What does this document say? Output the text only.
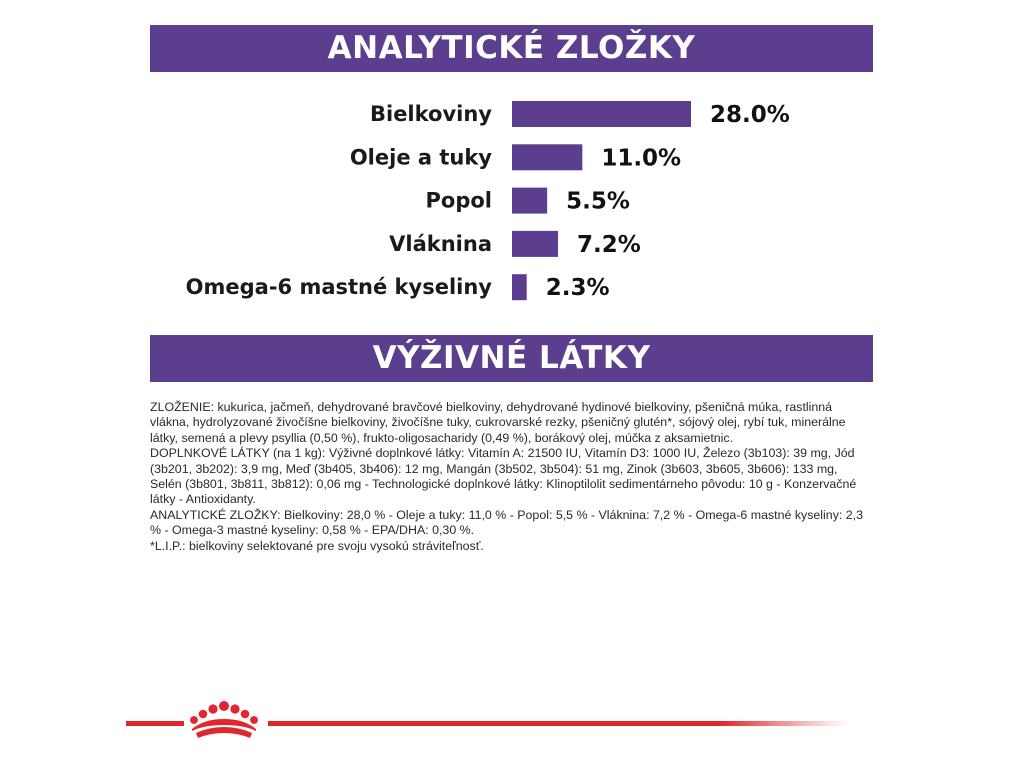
ANALYTICKÉ ZLOŽKY
Bielkoviny	28.0%
Oleje a tuky	11.0%
Popol	5.5%
Vláknina	7.2%
Omega-6 mastné kyseliny 2.3%
VÝŽIVNÉ LÁTKY

ZLOŽENIE: kukurica, jačmeň, dehydrované bravčové bielkoviny, dehydrované hydinové bielkoviny, pšeničná múka, rastlinná vlákna, hydrolyzované živočíšne bielkoviny, živočíšne tuky, cukrovarské rezky, pšeničný glutén*, sójový olej, rybí tuk, minerálne látky, semená a plevy psyllia (0,50 %), frukto-oligosacharidy (0,49 %), borákový olej, múčka z aksamietnic.

DOPLNKOVÉ LÁTKY (na 1 kg): Výživné doplnkové látky: Vitamín A: 21500 IU, Vitamín D3: 1000 IU, Železo (3b103): 39 mg, Jód (3b201, 3b202): 3,9 mg, Meď (3b405, 3b406): 12 mg, Mangán (3b502, 3b504): 51 mg, Zinok (3b603, 3b605, 3b606): 133 mg, Selén (3b801, 3b811, 3b812): 0,06 mg - Technologické doplnkové látky: Klinoptilolit sedimentárneho pôvodu: 10 g - Konzervačné látky - Antioxidanty.

ANALYTICKÉ ZLOŽKY: Bielkoviny: 28,0 % - Oleje a tuky: 11,0 % - Popol: 5,5 % - Vláknina: 7,2 % - Omega-6 mastné kyseliny: 2,3 % - Omega-3 mastné kyseliny: 0,58 % - EPA/DHA: 0,30 %.

*L.I.P.: bielkoviny selektované pre svoju vysokú stráviteľnosť.
